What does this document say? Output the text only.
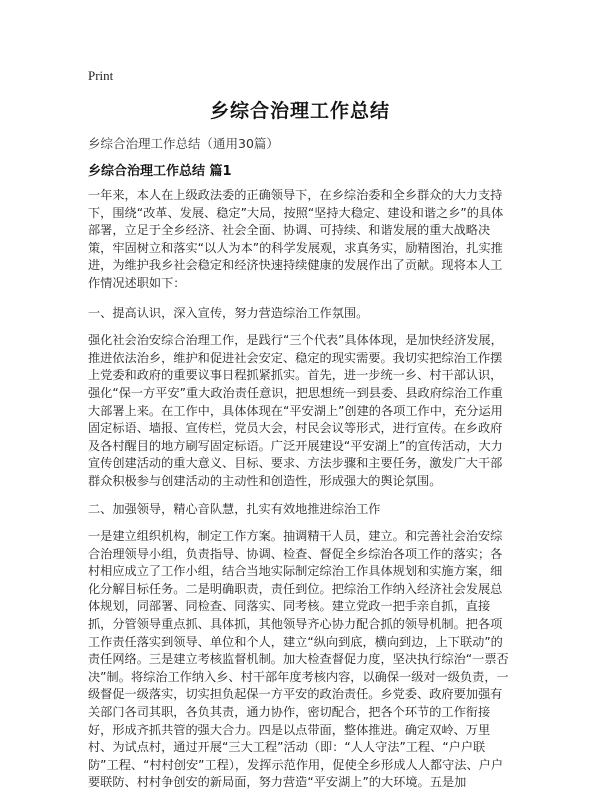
Print
乡综合治理工作总结
乡综合治理工作总结（通用30篇）
乡综合治理工作总结 篇1

一年来，本人在上级政法委的正确领导下，在乡综治委和全乡群众的大力支持下，围绕“改革、发展、稳定”大局，按照“坚持大稳定、建设和谐之乡”的具体部署，立足于全乡经济、社会全面、协调、可持续、和谐发展的重大战略决策，牢固树立和落实“以人为本”的科学发展观，求真务实，励精图治，扎实推进，为维护我乡社会稳定和经济快速持续健康的发展作出了贡献。现将本人工作情况述职如下：

一、提高认识，深入宣传，努力营造综治工作氛围。

强化社会治安综合治理工作，是践行“三个代表”具体体现，是加快经济发展，推进依法治乡，维护和促进社会安定、稳定的现实需要。我切实把综治工作摆上党委和政府的重要议事日程抓紧抓实。首先，进一步统一乡、村干部认识，强化“保一方平安”重大政治责任意识，把思想统一到县委、县政府综治工作重大部署上来。在工作中，具体体现在“平安湖上”创建的各项工作中，充分运用固定标语、墙报、宣传栏，党员大会，村民会议等形式，进行宣传。在乡政府及各村醒目的地方刷写固定标语。广泛开展建设“平安湖上”的宣传活动，大力宣传创建活动的重大意义、目标、要求、方法步骤和主要任务，激发广大干部群众积极参与创建活动的主动性和创造性，形成强大的舆论氛围。

二、加强领导，精心音队慧，扎实有效地推进综治工作

一是建立组织机构，制定工作方案。抽调精干人员，建立。和完善社会治安综合治理领导小组，负责指导、协调、检查、督促全乡综治各项工作的落实；各村相应成立了工作小组，结合当地实际制定综治工作具体规划和实施方案，细化分解目标任务。二是明确职责，责任到位。把综治工作纳入经济社会发展总体规划，同部署、同检查、同落实、同考核。建立党政一把手亲自抓，直接抓，分管领导重点抓、具体抓，其他领导齐心协力配合抓的领导机制。把各项工作责任落实到领导、单位和个人，建立“纵向到底，横向到边，上下联动”的责任网络。三是建立考核监督机制。加大检查督促力度，坚决执行综治“一票否决”制。将综治工作纳入乡、村干部年度考核内容，以确保一级对一级负责，一级督促一级落实，切实担负起保一方平安的政治责任。乡党委、政府要加强有关部门各司其职，各负其责，通力协作，密切配合，把各个环节的工作衔接好，形成齐抓共管的强大合力。四是以点带面，整体推进。确定双岭、万里村、为试点村，通过开展“三大工程”活动（即：“人人守法”工程、“户户联防”工程、“村村创安”工程），发挥示范作用，促使全乡形成人人都守法、户户要联防、村村争创安的新局面，努力营造“平安湖上”的大环境。五是加
